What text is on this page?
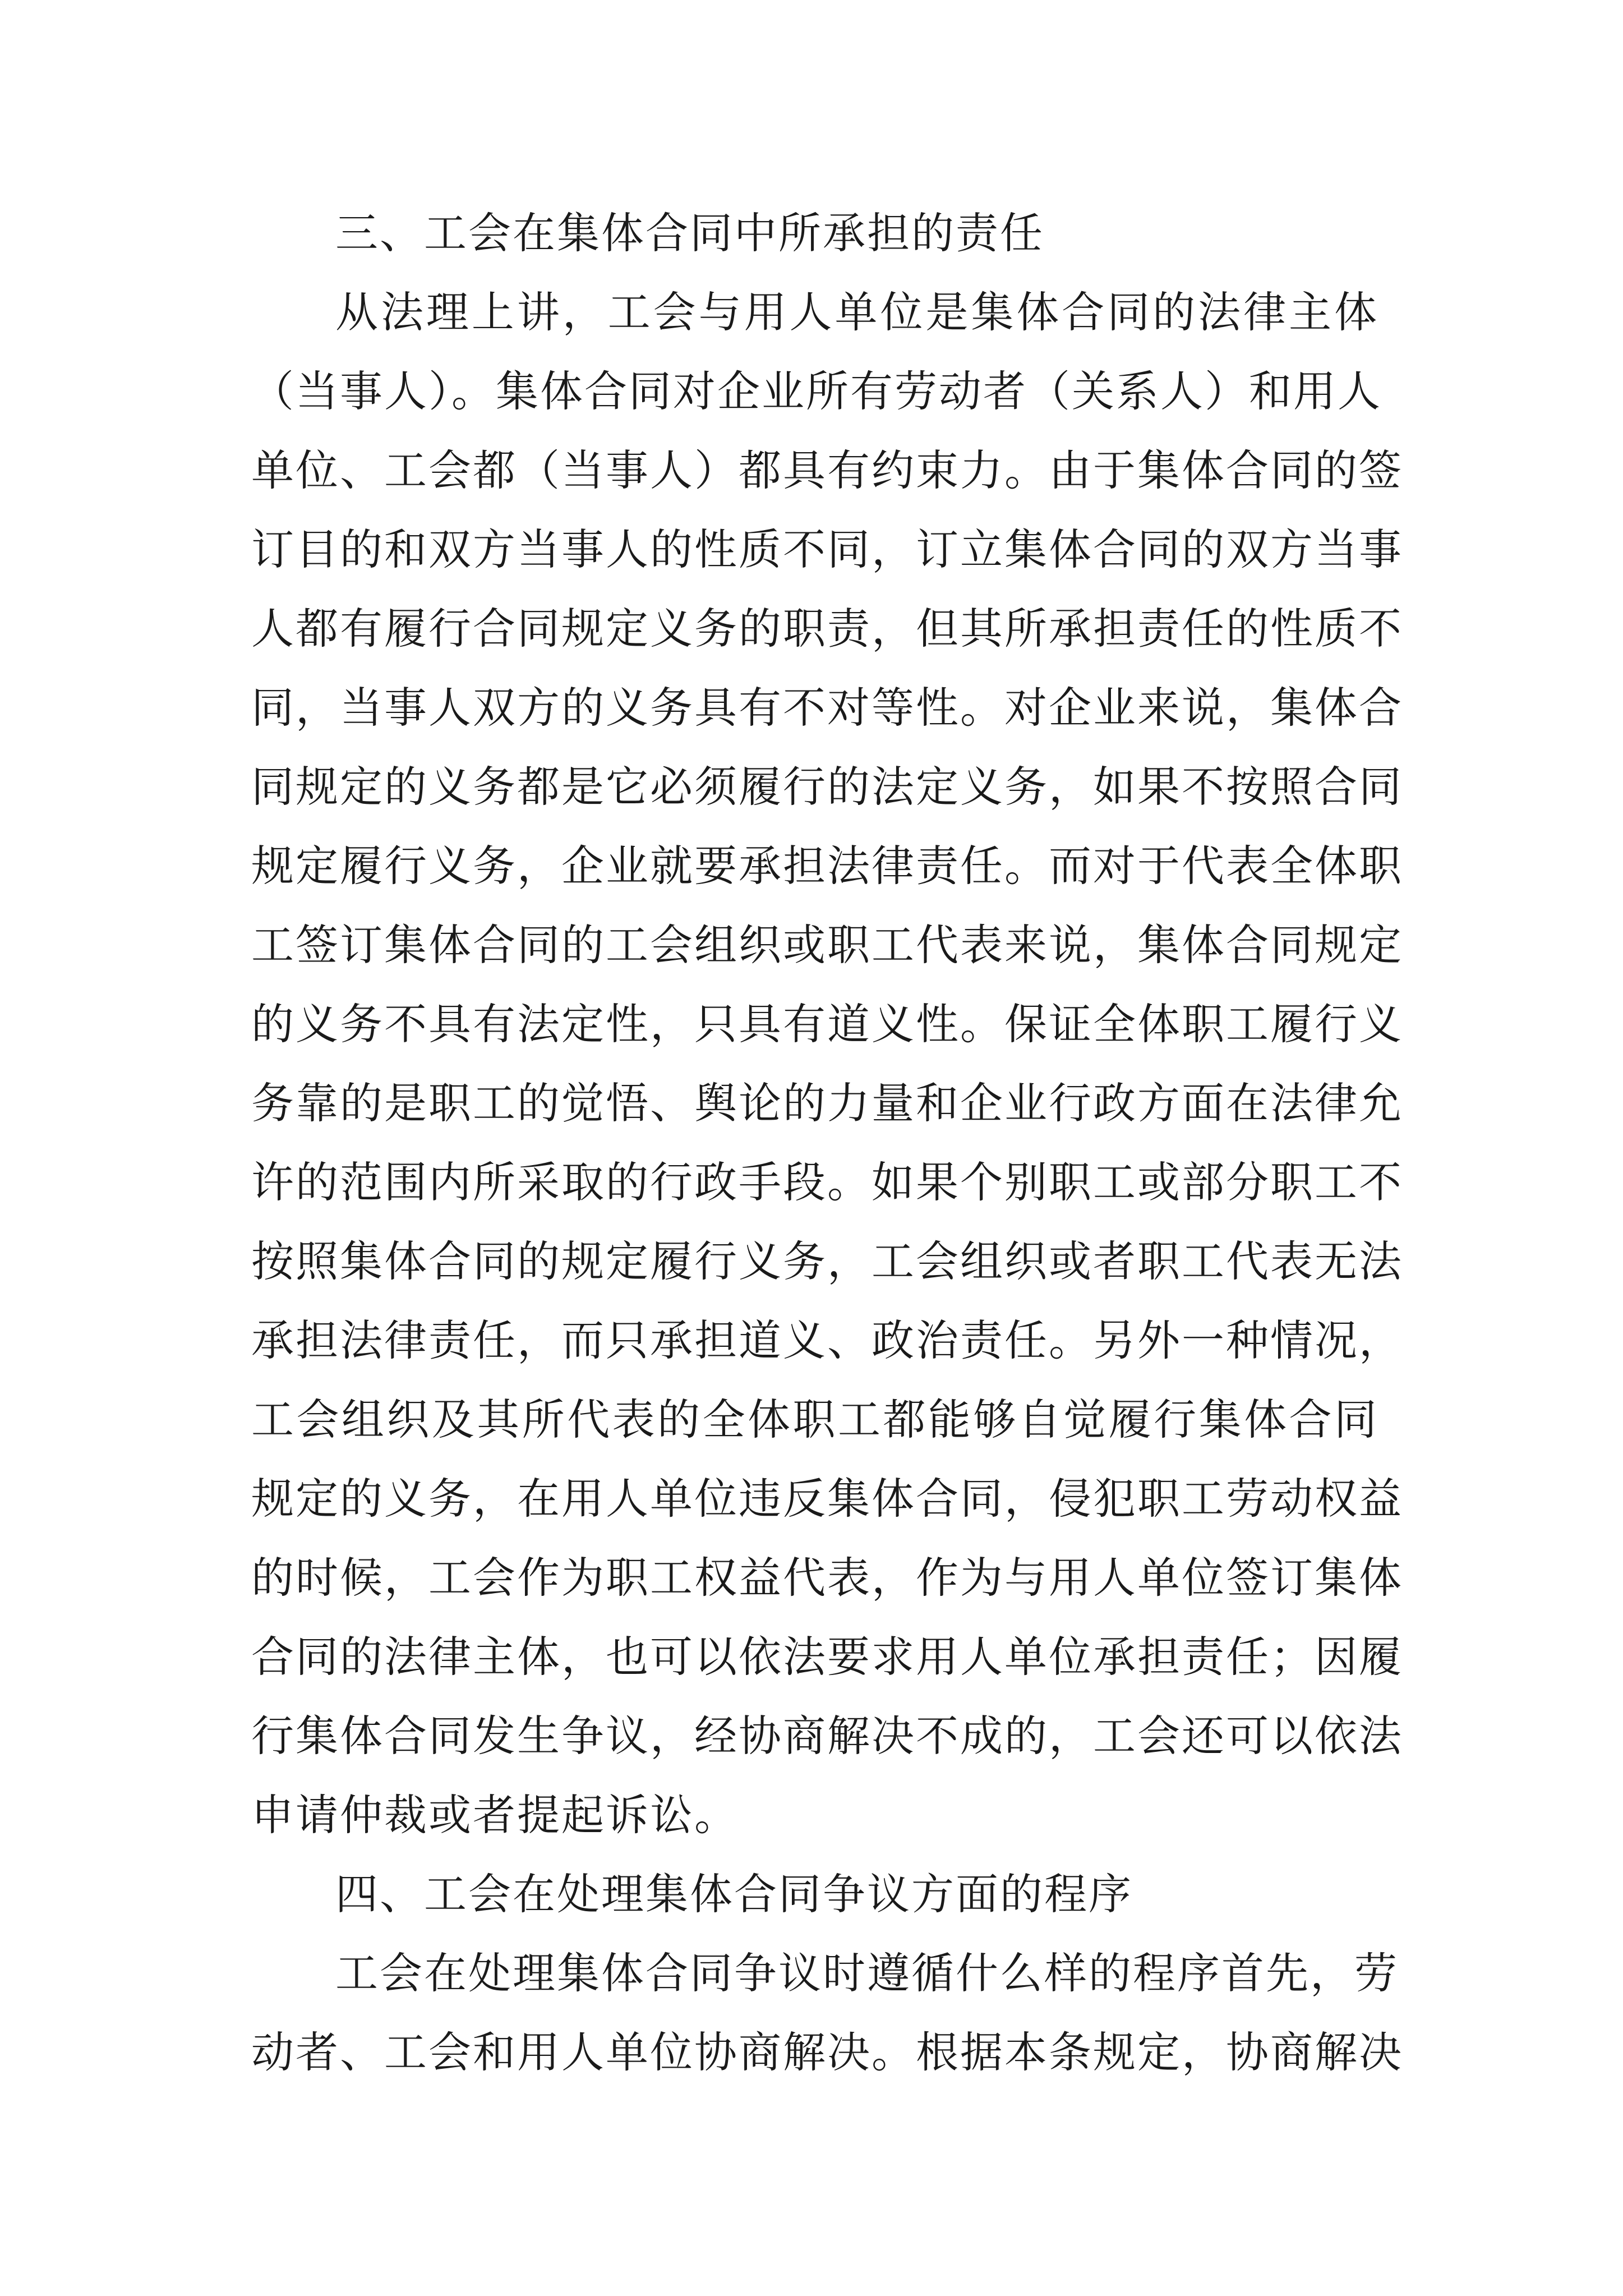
三、工会在集体合同中所承担的责任
从法理上讲，工会与用人单位是集体合同的法律主体
（当事人）。集体合同对企业所有劳动者（关系人）和用人
单位、工会都（当事人）都具有约束力。由于集体合同的签
订目的和双方当事人的性质不同，订立集体合同的双方当事
人都有履行合同规定义务的职责，但其所承担责任的性质不
同，当事人双方的义务具有不对等性。对企业来说，集体合
同规定的义务都是它必须履行的法定义务，如果不按照合同
规定履行义务，企业就要承担法律责任。而对于代表全体职
工签订集体合同的工会组织或职工代表来说，集体合同规定
的义务不具有法定性，只具有道义性。保证全体职工履行义
务靠的是职工的觉悟、舆论的力量和企业行政方面在法律允
许的范围内所采取的行政手段。如果个别职工或部分职工不
按照集体合同的规定履行义务，工会组织或者职工代表无法
承担法律责任，而只承担道义、政治责任。另外一种情况，
工会组织及其所代表的全体职工都能够自觉履行集体合同
规定的义务，在用人单位违反集体合同，侵犯职工劳动权益
的时候，工会作为职工权益代表，作为与用人单位签订集体
合同的法律主体，也可以依法要求用人单位承担责任；因履
行集体合同发生争议，经协商解决不成的，工会还可以依法
申请仲裁或者提起诉讼。
四、工会在处理集体合同争议方面的程序
工会在处理集体合同争议时遵循什么样的程序首先，劳
动者、工会和用人单位协商解决。根据本条规定，协商解决
